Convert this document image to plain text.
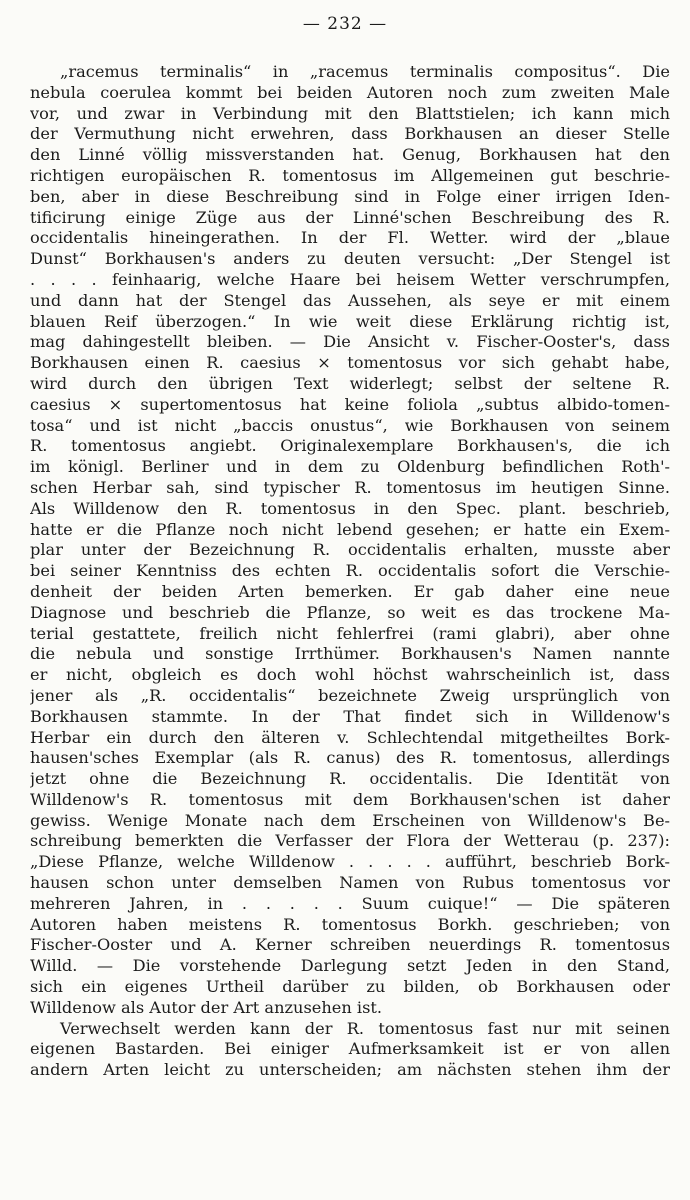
— 232 —
„racemus terminalis“ in „racemus terminalis compositus“. Die
nebula coerulea kommt bei beiden Autoren noch zum zweiten Male
vor, und zwar in Verbindung mit den Blattstielen; ich kann mich
der Vermuthung nicht erwehren, dass Borkhausen an dieser Stelle
den Linné völlig missverstanden hat. Genug, Borkhausen hat den
richtigen europäischen R. tomentosus im Allgemeinen gut beschrie-
ben, aber in diese Beschreibung sind in Folge einer irrigen Iden-
tificirung einige Züge aus der Linné'schen Beschreibung des R.
occidentalis hineingerathen. In der Fl. Wetter. wird der „blaue
Dunst“ Borkhausen's anders zu deuten versucht: „Der Stengel ist
. . . . feinhaarig, welche Haare bei heisem Wetter verschrumpfen,
und dann hat der Stengel das Aussehen, als seye er mit einem
blauen Reif überzogen.“ In wie weit diese Erklärung richtig ist,
mag dahingestellt bleiben. — Die Ansicht v. Fischer-Ooster's, dass
Borkhausen einen R. caesius × tomentosus vor sich gehabt habe,
wird durch den übrigen Text widerlegt; selbst der seltene R.
caesius × supertomentosus hat keine foliola „subtus albido-tomen-
tosa“ und ist nicht „baccis onustus“, wie Borkhausen von seinem
R. tomentosus angiebt. Originalexemplare Borkhausen's, die ich
im königl. Berliner und in dem zu Oldenburg befindlichen Roth'-
schen Herbar sah, sind typischer R. tomentosus im heutigen Sinne.
Als Willdenow den R. tomentosus in den Spec. plant. beschrieb,
hatte er die Pflanze noch nicht lebend gesehen; er hatte ein Exem-
plar unter der Bezeichnung R. occidentalis erhalten, musste aber
bei seiner Kenntniss des echten R. occidentalis sofort die Verschie-
denheit der beiden Arten bemerken. Er gab daher eine neue
Diagnose und beschrieb die Pflanze, so weit es das trockene Ma-
terial gestattete, freilich nicht fehlerfrei (rami glabri), aber ohne
die nebula und sonstige Irrthümer. Borkhausen's Namen nannte
er nicht, obgleich es doch wohl höchst wahrscheinlich ist, dass
jener als „R. occidentalis“ bezeichnete Zweig ursprünglich von
Borkhausen stammte. In der That findet sich in Willdenow's
Herbar ein durch den älteren v. Schlechtendal mitgetheiltes Bork-
hausen'sches Exemplar (als R. canus) des R. tomentosus, allerdings
jetzt ohne die Bezeichnung R. occidentalis. Die Identität von
Willdenow's R. tomentosus mit dem Borkhausen'schen ist daher
gewiss. Wenige Monate nach dem Erscheinen von Willdenow's Be-
schreibung bemerkten die Verfasser der Flora der Wetterau (p. 237):
„Diese Pflanze, welche Willdenow . . . . . aufführt, beschrieb Bork-
hausen schon unter demselben Namen von Rubus tomentosus vor
mehreren Jahren, in . . . . . Suum cuique!“ — Die späteren
Autoren haben meistens R. tomentosus Borkh. geschrieben; von
Fischer-Ooster und A. Kerner schreiben neuerdings R. tomentosus
Willd. — Die vorstehende Darlegung setzt Jeden in den Stand,
sich ein eigenes Urtheil darüber zu bilden, ob Borkhausen oder
Willdenow als Autor der Art anzusehen ist.
Verwechselt werden kann der R. tomentosus fast nur mit seinen
eigenen Bastarden. Bei einiger Aufmerksamkeit ist er von allen
andern Arten leicht zu unterscheiden; am nächsten stehen ihm der
